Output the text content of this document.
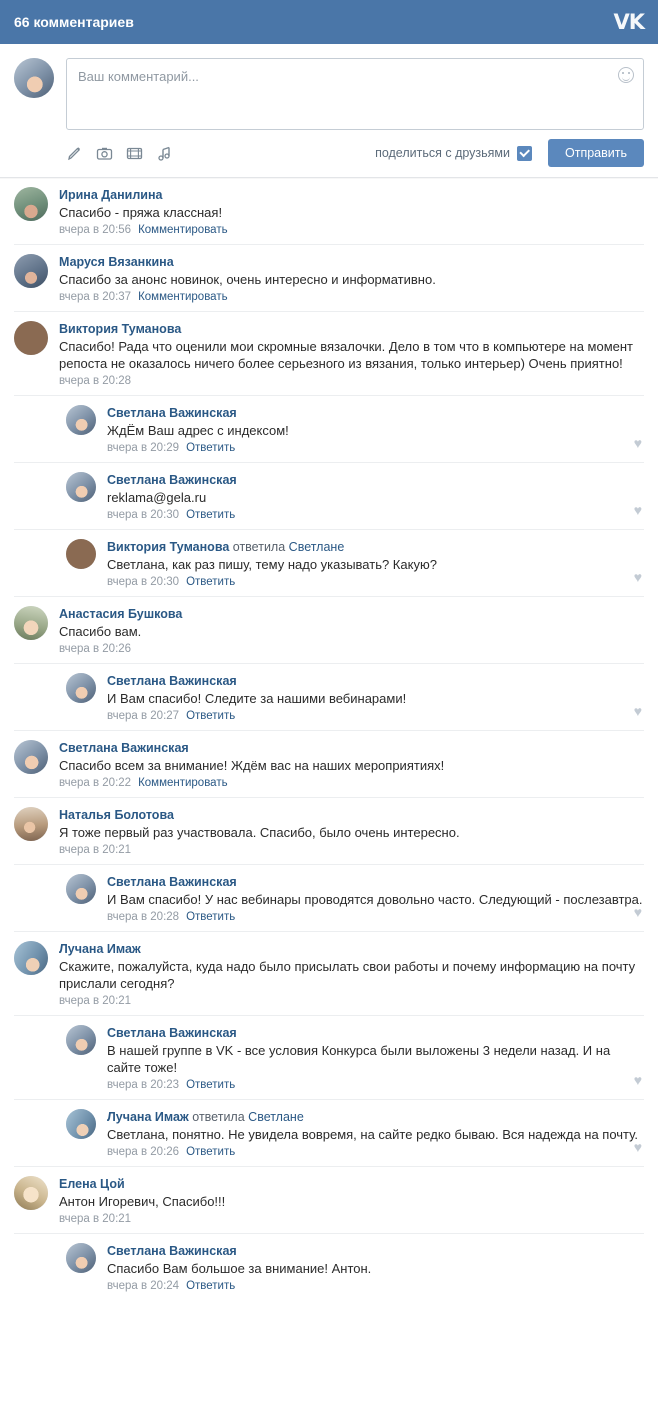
66 комментариев	VK
Ваш комментарий...
поделиться с друзьями	Отправить
Ирина Данилина
Спасибо - пряжа классная!
вчера в 20:56 Комментировать
Маруся Вязанкина
Спасибо за анонс новинок, очень интересно и информативно.
вчера в 20:37 Комментировать
Виктория Туманова
Спасибо! Рада что оценили мои скромные вязалочки. Дело в том что в компьютере на момент репоста не оказалось ничего более серьезного из вязания, только интерьер) Очень приятно!
вчера в 20:28
Светлана Важинская
ЖдЁм Ваш адрес с индексом!
вчера в 20:29 Ответить	♥
Светлана Важинская
reklama@gela.ru
вчера в 20:30 Ответить	♥
Виктория Туманова ответила Светлане
Светлана, как раз пишу, тему надо указывать? Какую?
вчера в 20:30 Ответить	♥
Анастасия Бушкова
Спасибо вам.
вчера в 20:26
Светлана Важинская
И Вам спасибо! Следите за нашими вебинарами!
вчера в 20:27 Ответить	♥
Светлана Важинская
Спасибо всем за внимание! Ждём вас на наших мероприятиях!
вчера в 20:22 Комментировать
Наталья Болотова
Я тоже первый раз участвовала. Спасибо, было очень интересно.
вчера в 20:21
Светлана Важинская
И Вам спасибо! У нас вебинары проводятся довольно часто. Следующий - послезавтра.
вчера в 20:28 Ответить	♥
Лучана Имаж
Скажите, пожалуйста, куда надо было присылать свои работы и почему информацию на почту прислали сегодня?
вчера в 20:21
Светлана Важинская
В нашей группе в VK - все условия Конкурса были выложены 3 недели назад. И на сайте тоже!
вчера в 20:23 Ответить	♥
Лучана Имаж ответила Светлане
Светлана, понятно. Не увидела вовремя, на сайте редко бываю. Вся надежда на почту.
вчера в 20:26 Ответить	♥
Елена Цой
Антон Игоревич, Спасибо!!!
вчера в 20:21
Светлана Важинская
Спасибо Вам большое за внимание! Антон.
вчера в 20:24 Ответить
